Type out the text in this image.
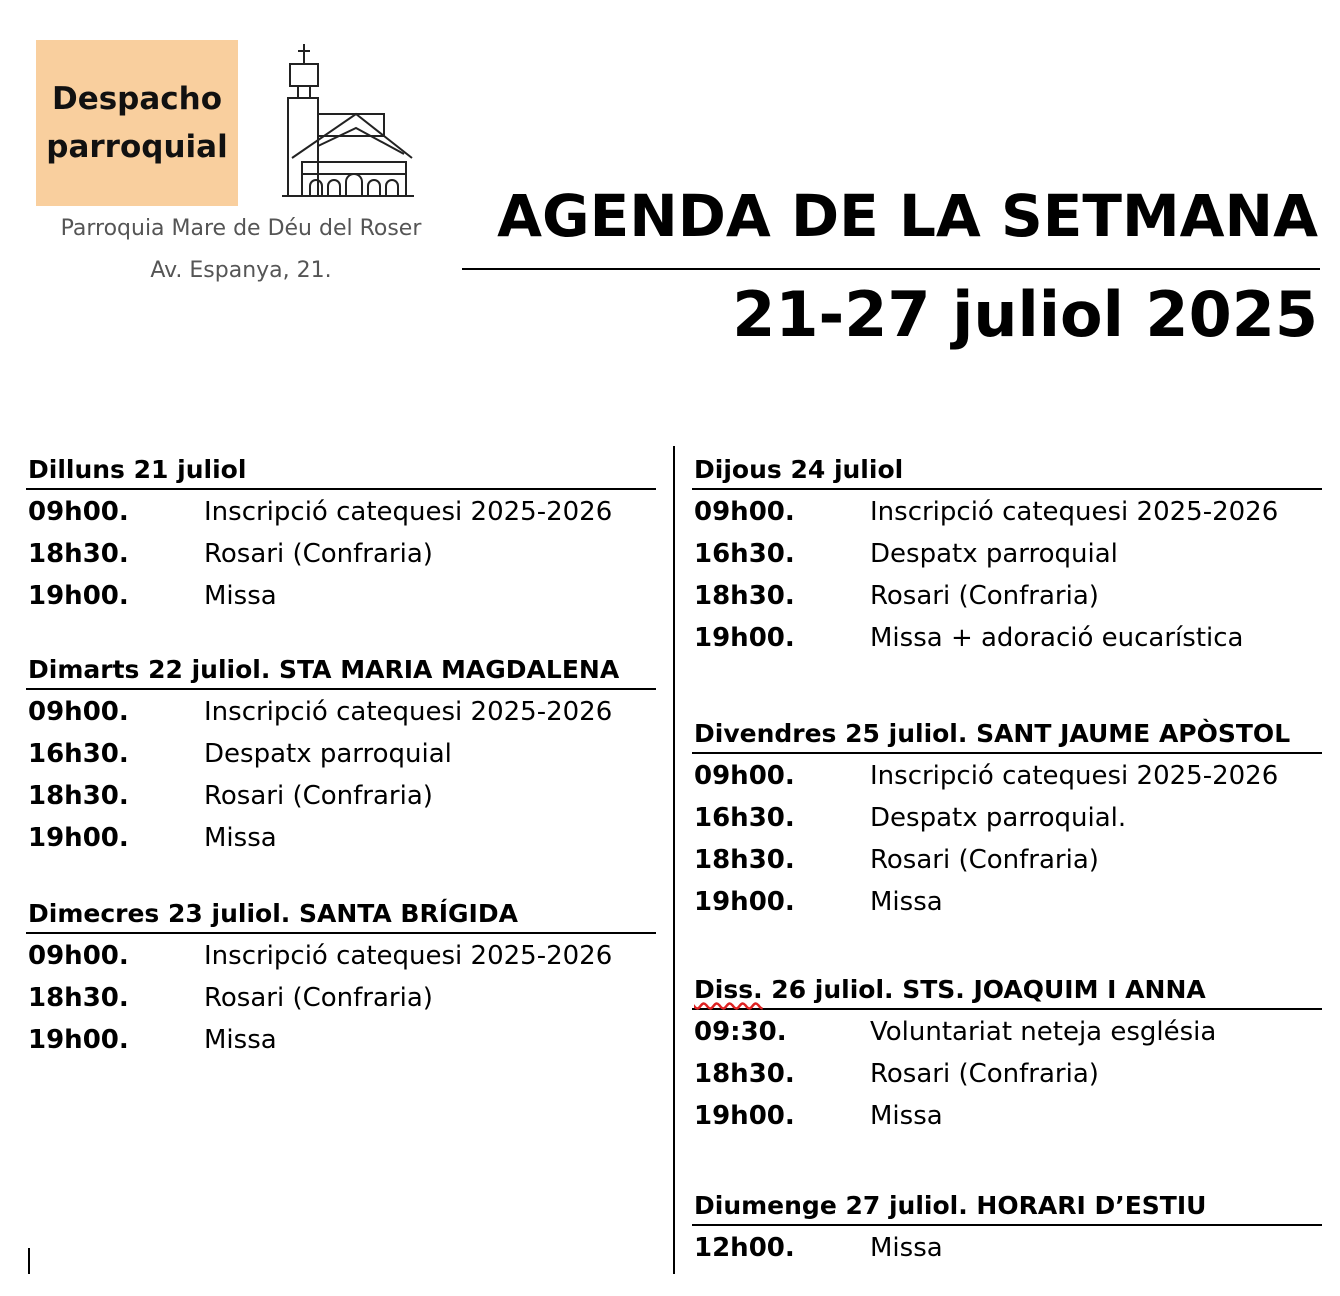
Despacho
parroquial
Parroquia Mare de Déu del Roser
Av. Espanya, 21.
AGENDA DE LA SETMANA
21-27 juliol 2025
Dilluns 21 juliol
09h00.	Inscripció catequesi 2025-2026
18h30.	Rosari (Confraria)
19h00.	Missa
Dimarts 22 juliol. STA MARIA MAGDALENA
09h00.	Inscripció catequesi 2025-2026
16h30.	Despatx parroquial
18h30.	Rosari (Confraria)
19h00.	Missa
Dimecres 23 juliol. SANTA BRÍGIDA
09h00.	Inscripció catequesi 2025-2026
18h30.	Rosari (Confraria)
19h00.	Missa
Dijous 24 juliol
09h00.	Inscripció catequesi 2025-2026
16h30.	Despatx parroquial
18h30.	Rosari (Confraria)
19h00.	Missa + adoració eucarística
Divendres 25 juliol. SANT JAUME APÒSTOL
09h00.	Inscripció catequesi 2025-2026
16h30.	Despatx parroquial.
18h30.	Rosari (Confraria)
19h00.	Missa
Diss. 26 juliol. STS. JOAQUIM I ANNA
09:30.	Voluntariat neteja església
18h30.	Rosari (Confraria)
19h00.	Missa
Diumenge 27 juliol. HORARI D’ESTIU
12h00.	Missa
